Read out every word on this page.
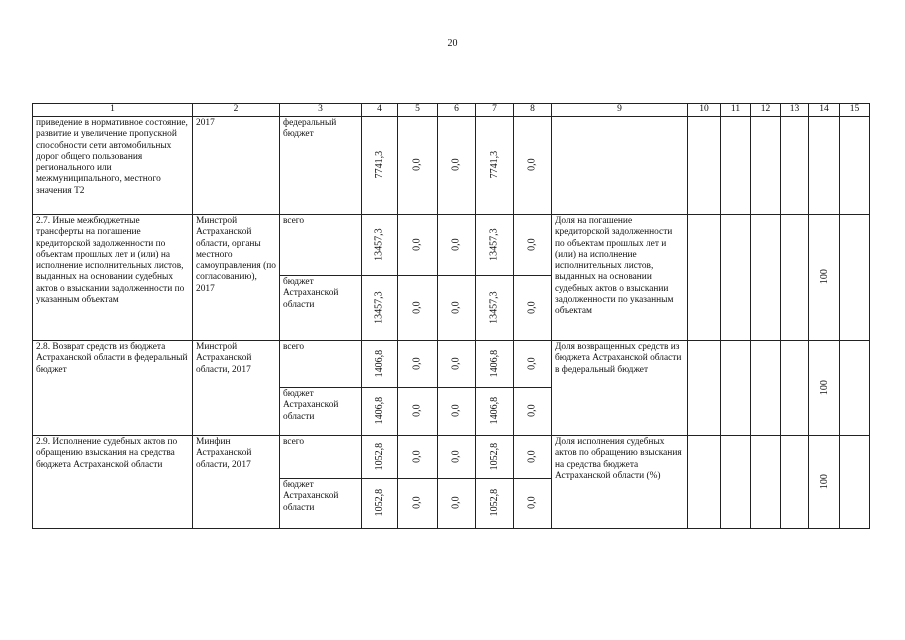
20
1	2	3	4	5	6	7	8	9	10	11	12	13	14	15
приведение в нормативное состояние, развитие и увеличение пропускной способности сети автомобильных дорог общего пользования регионального или межмуниципального, местного значения Т2	2017	федеральный бюджет	7741,3	0,0	0,0	7741,3	0,0							
2.7. Иные межбюджетные трансферты на погашение кредиторской задолженности по объектам прошлых лет и (или) на исполнение исполнительных листов, выданных на основании судебных актов о взыскании задолженности по указанным объектам	Минстрой Астраханской области, органы местного самоуправления (по согласованию), 2017	всего	13457,3	0,0	0,0	13457,3	0,0	Доля на погашение кредиторской задолженности по объектам прошлых лет и (или) на исполнение исполнительных листов, выданных на основании судебных актов о взыскании задолженности по указанным объектам					100	
		бюджет Астраханской области	13457,3	0,0	0,0	13457,3	0,0							
2.8. Возврат средств из бюджета Астраханской области в федеральный бюджет	Минстрой Астраханской области, 2017	всего	1406,8	0,0	0,0	1406,8	0,0	Доля возвращенных средств из бюджета Астраханской области в федеральный бюджет					100	
		бюджет Астраханской области	1406,8	0,0	0,0	1406,8	0,0							
2.9. Исполнение судебных актов по обращению взыскания на средства бюджета Астраханской области	Минфин Астраханской области, 2017	всего	1052,8	0,0	0,0	1052,8	0,0	Доля исполнения судебных актов по обращению взыскания на средства бюджета Астраханской области (%)					100	
		бюджет Астраханской области	1052,8	0,0	0,0	1052,8	0,0							
